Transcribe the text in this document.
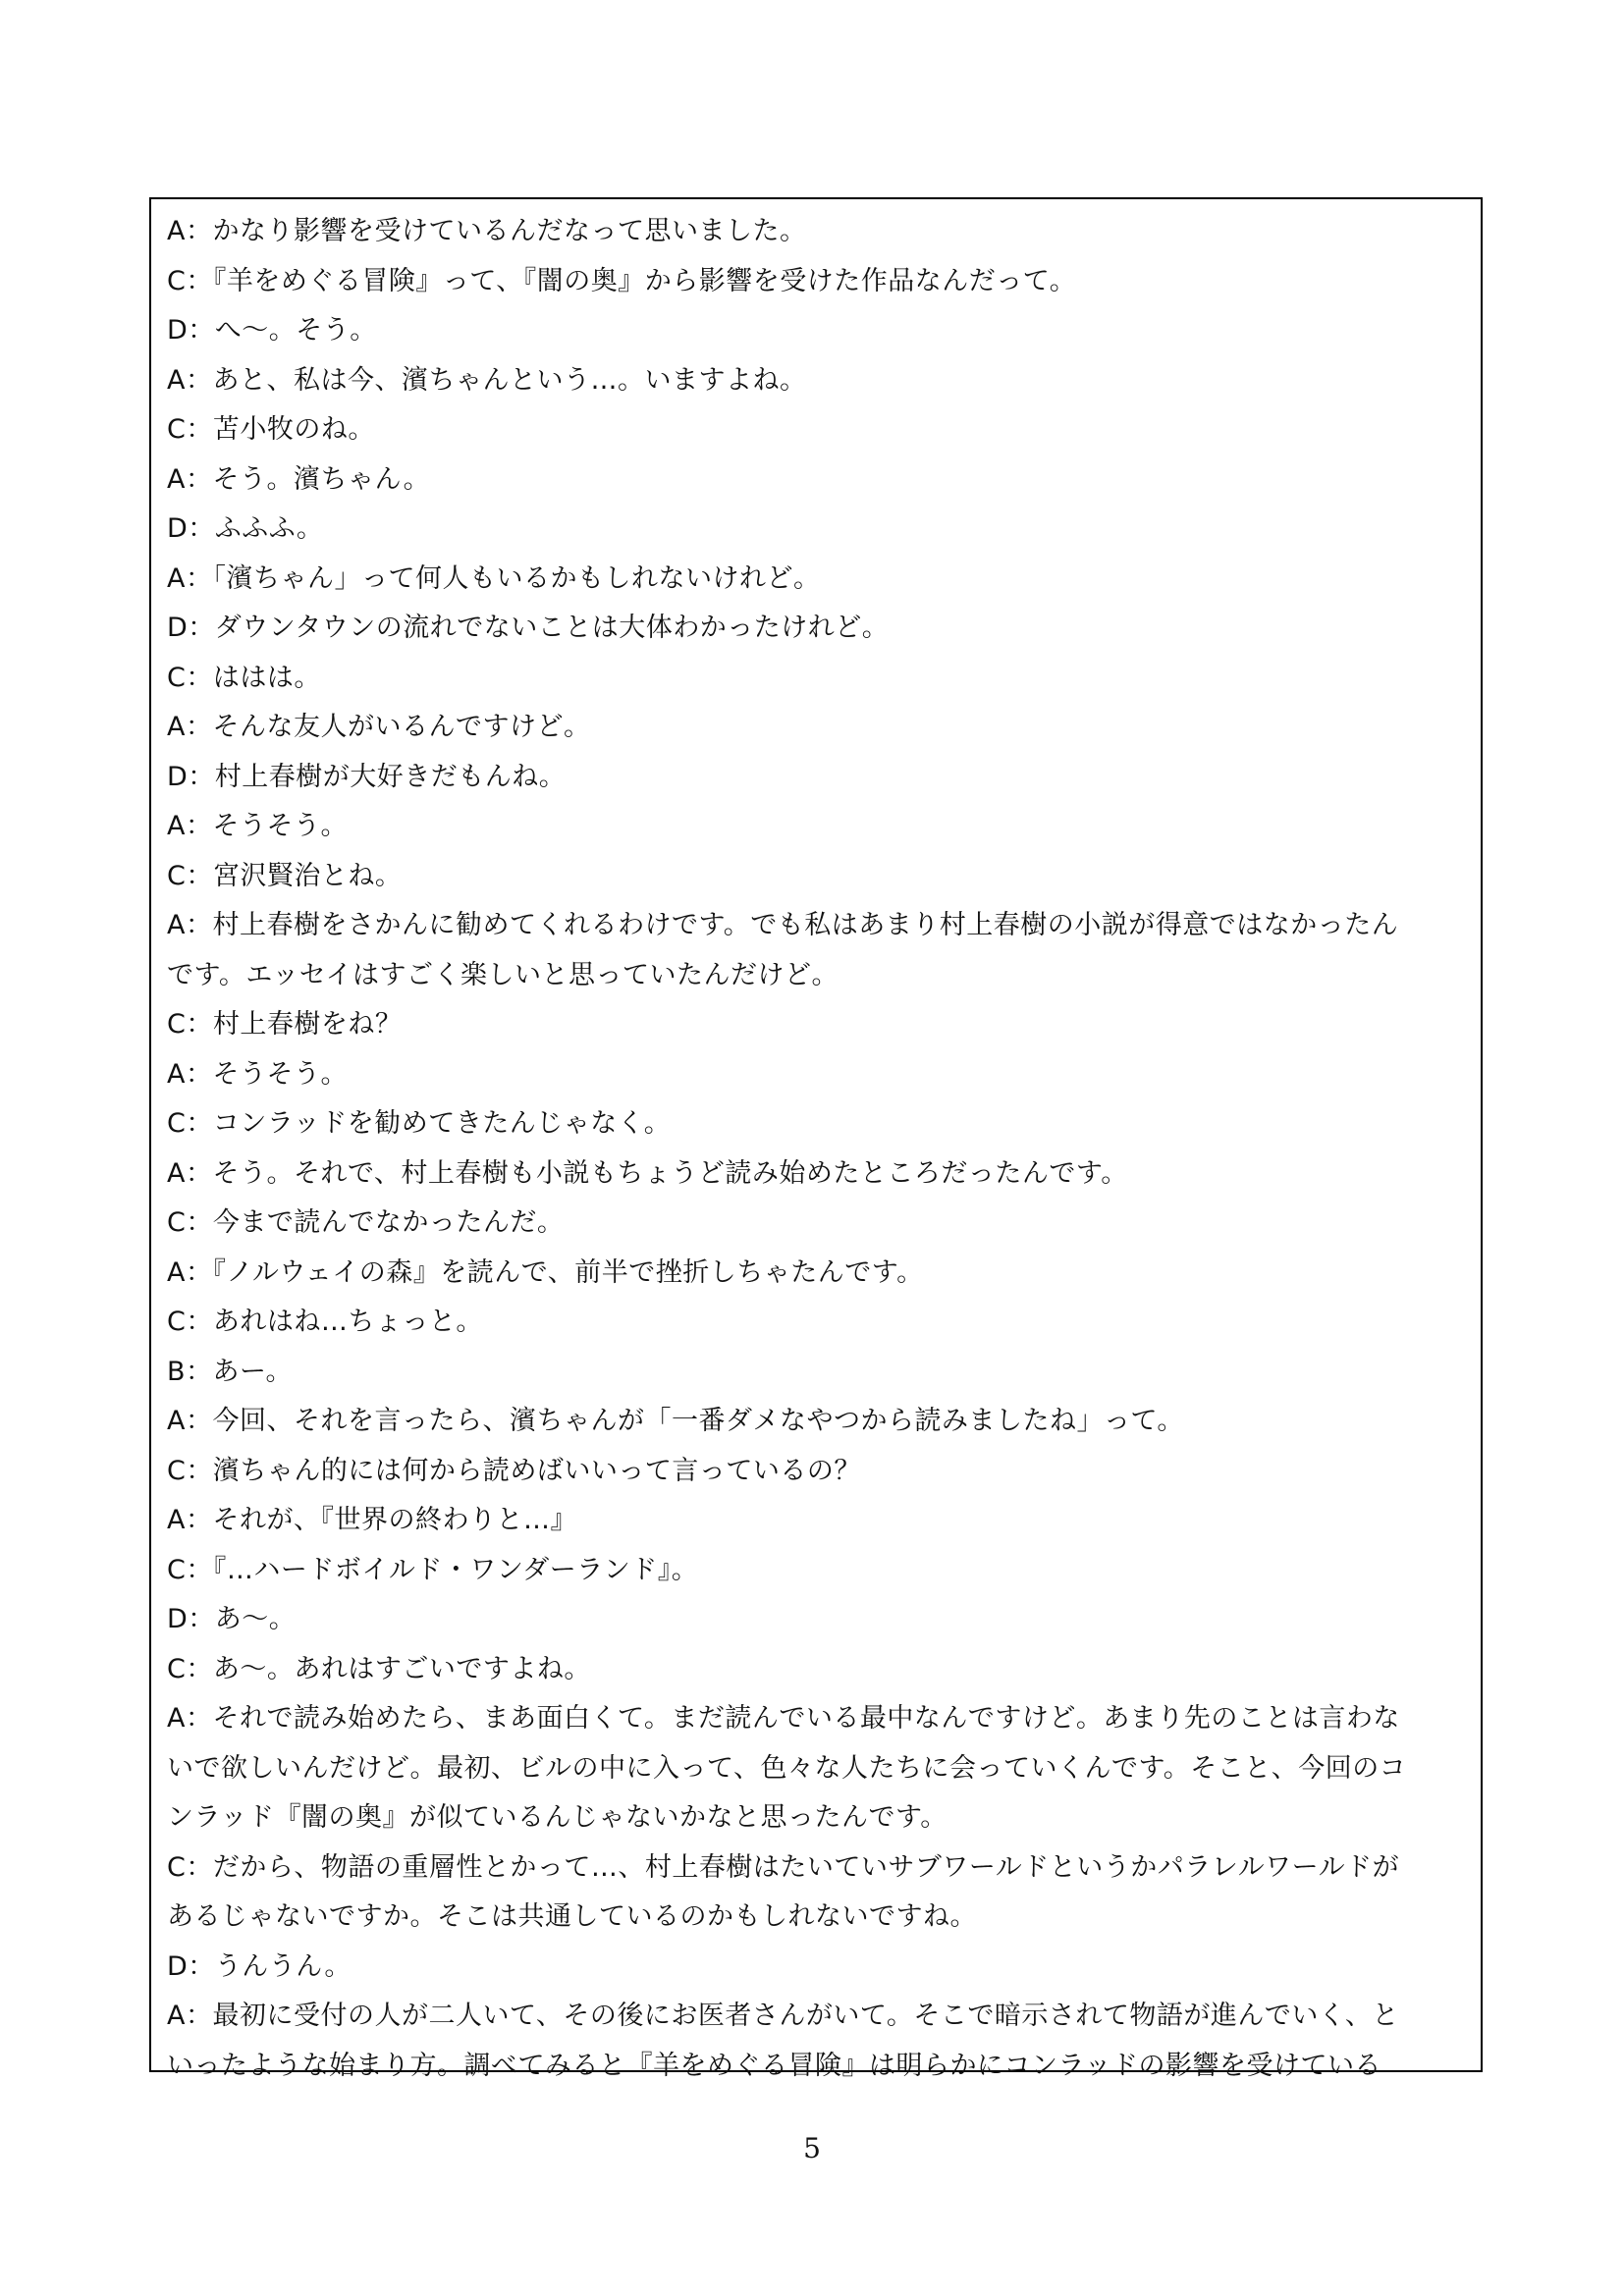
A：かなり影響を受けているんだなって思いました。
C：『羊をめぐる冒険』って、『闇の奥』から影響を受けた作品なんだって。
D：へ〜。そう。
A：あと、私は今、濱ちゃんという…。いますよね。
C：苫小牧のね。
A：そう。濱ちゃん。
D：ふふふ。
A：「濱ちゃん」って何人もいるかもしれないけれど。
D：ダウンタウンの流れでないことは大体わかったけれど。
C：ははは。
A：そんな友人がいるんですけど。
D：村上春樹が大好きだもんね。
A：そうそう。
C：宮沢賢治とね。
A：村上春樹をさかんに勧めてくれるわけです。でも私はあまり村上春樹の小説が得意ではなかったん
です。エッセイはすごく楽しいと思っていたんだけど。
C：村上春樹をね？
A：そうそう。
C：コンラッドを勧めてきたんじゃなく。
A：そう。それで、村上春樹も小説もちょうど読み始めたところだったんです。
C：今まで読んでなかったんだ。
A：『ノルウェイの森』を読んで、前半で挫折しちゃたんです。
C：あれはね…ちょっと。
B：あー。
A：今回、それを言ったら、濱ちゃんが「一番ダメなやつから読みましたね」って。
C：濱ちゃん的には何から読めばいいって言っているの？
A：それが、『世界の終わりと…』
C：『…ハードボイルド・ワンダーランド』。
D：あ〜。
C：あ〜。あれはすごいですよね。
A：それで読み始めたら、まあ面白くて。まだ読んでいる最中なんですけど。あまり先のことは言わな
いで欲しいんだけど。最初、ビルの中に入って、色々な人たちに会っていくんです。そこと、今回のコ
ンラッド『闇の奥』が似ているんじゃないかなと思ったんです。
C：だから、物語の重層性とかって…、村上春樹はたいていサブワールドというかパラレルワールドが
あるじゃないですか。そこは共通しているのかもしれないですね。
D：うんうん。
A：最初に受付の人が二人いて、その後にお医者さんがいて。そこで暗示されて物語が進んでいく、と
いったような始まり方。調べてみると『羊をめぐる冒険』は明らかにコンラッドの影響を受けている
5
